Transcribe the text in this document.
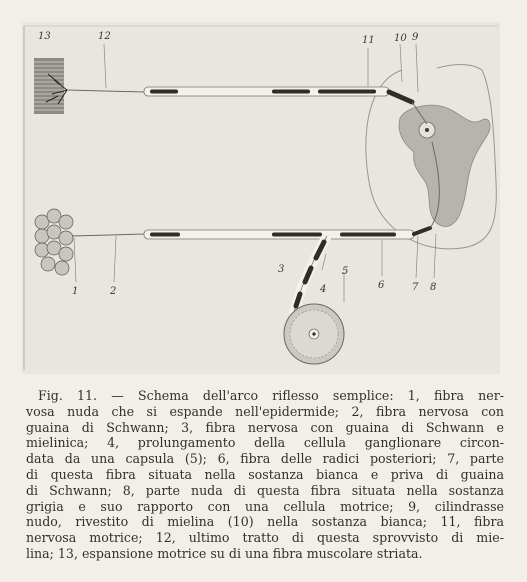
13	12	11 10 9
1	2
3
4
5
6	7 8
Fig. 11. — Schema dell'arco riflesso semplice: 1, fibra ner-
vosa nuda che si espande nell'epidermide; 2, fibra nervosa con
guaina di Schwann; 3, fibra nervosa con guaina di Schwann e
mielinica; 4, prolungamento della cellula ganglionare circon-
data da una capsula (5); 6, fibra delle radici posteriori; 7, parte
di questa fibra situata nella sostanza bianca e priva di guaina
di Schwann; 8, parte nuda di questa fibra situata nella sostanza
grigia e suo rapporto con una cellula motrice; 9, cilindrasse
nudo, rivestito di mielina (10) nella sostanza bianca; 11, fibra
nervosa motrice; 12, ultimo tratto di questa sprovvisto di mie-
lina; 13, espansione motrice su di una fibra muscolare striata.
